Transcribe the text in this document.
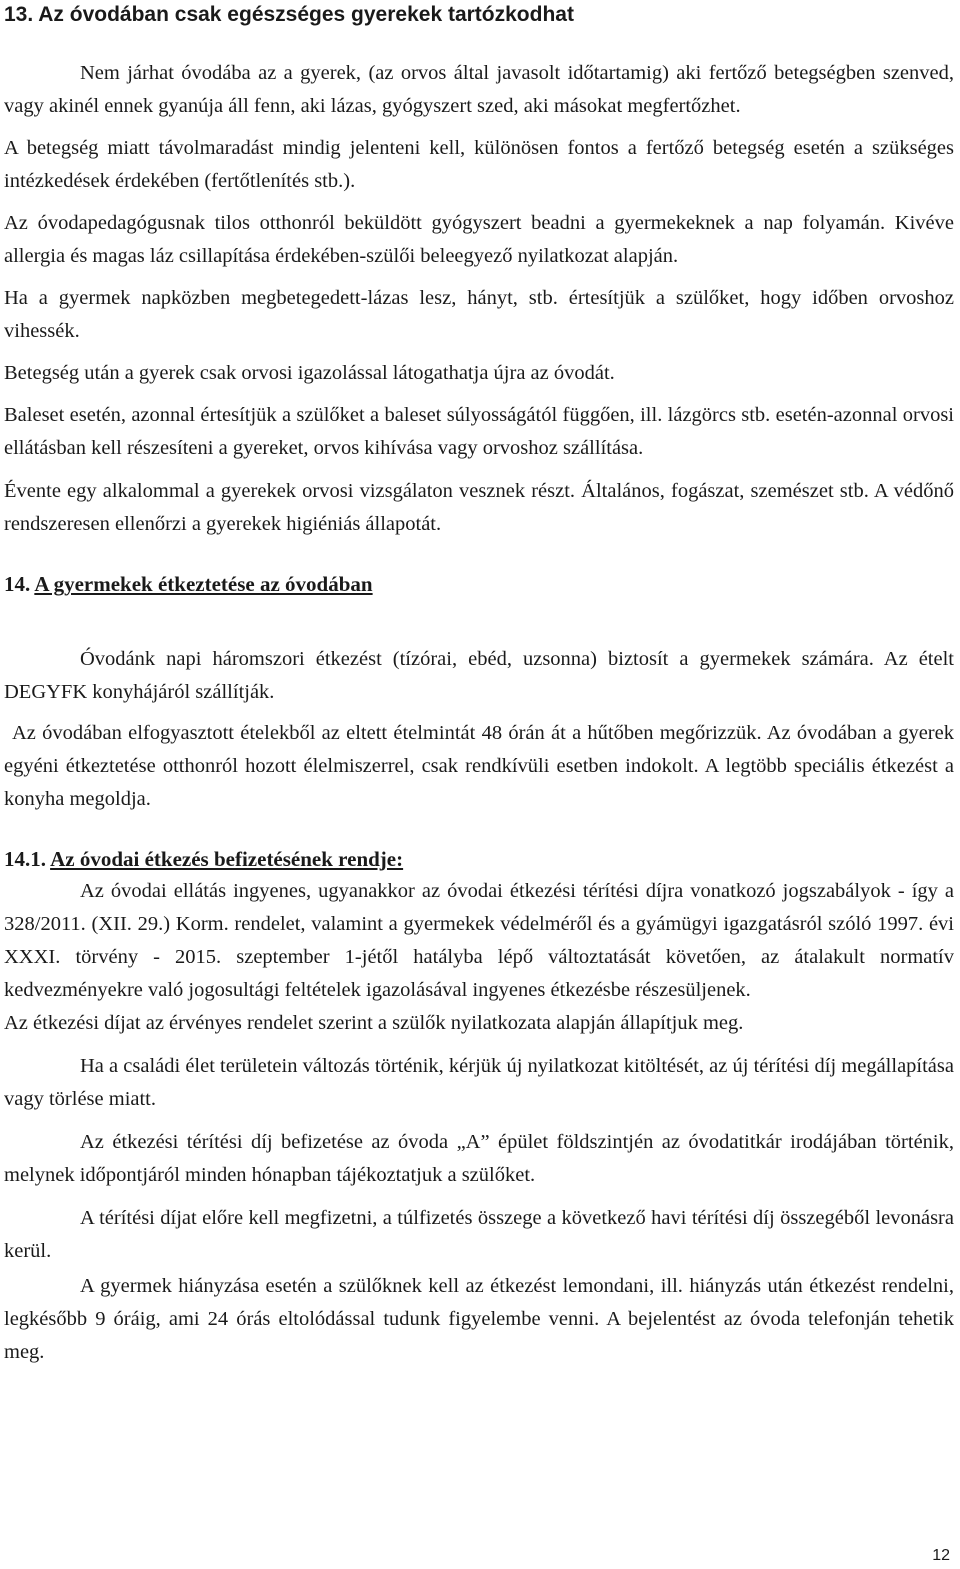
13. Az óvodában csak egészséges gyerekek tartózkodhat

Nem járhat óvodába az a gyerek, (az orvos által javasolt időtartamig) aki fertőző betegségben szenved, vagy akinél ennek gyanúja áll fenn, aki lázas, gyógyszert szed, aki másokat megfertőzhet.

A betegség miatt távolmaradást mindig jelenteni kell, különösen fontos a fertőző betegség esetén a szükséges intézkedések érdekében (fertőtlenítés stb.).

Az óvodapedagógusnak tilos otthonról beküldött gyógyszert beadni a gyermekeknek a nap folyamán. Kivéve allergia és magas láz csillapítása érdekében-szülői beleegyező nyilatkozat alapján.

Ha a gyermek napközben megbetegedett-lázas lesz, hányt, stb. értesítjük a szülőket, hogy időben orvoshoz vihessék.

Betegség után a gyerek csak orvosi igazolással látogathatja újra az óvodát.

Baleset esetén, azonnal értesítjük a szülőket a baleset súlyosságától függően, ill. lázgörcs stb. esetén-azonnal orvosi ellátásban kell részesíteni a gyereket, orvos kihívása vagy orvoshoz szállítása.

Évente egy alkalommal a gyerekek orvosi vizsgálaton vesznek részt. Általános, fogászat, szemészet stb. A védőnő rendszeresen ellenőrzi a gyerekek higiéniás állapotát.

14. A gyermekek étkeztetése az óvodában

Óvodánk napi háromszori étkezést (tízórai, ebéd, uzsonna) biztosít a gyermekek számára. Az ételt DEGYFK konyhájáról szállítják.

Az óvodában elfogyasztott ételekből az eltett ételmintát 48 órán át a hűtőben megőrizzük. Az óvodában a gyerek egyéni étkeztetése otthonról hozott élelmiszerrel, csak rendkívüli esetben indokolt. A legtöbb speciális étkezést a konyha megoldja.

14.1. Az óvodai étkezés befizetésének rendje:

Az óvodai ellátás ingyenes, ugyanakkor az óvodai étkezési térítési díjra vonatkozó jogszabályok - így a 328/2011. (XII. 29.) Korm. rendelet, valamint a gyermekek védelméről és a gyámügyi igazgatásról szóló 1997. évi XXXI. törvény - 2015. szeptember 1-jétől hatályba lépő változtatását követően, az átalakult normatív kedvezményekre való jogosultági feltételek igazolásával ingyenes étkezésbe részesüljenek.

Az étkezési díjat az érvényes rendelet szerint a szülők nyilatkozata alapján állapítjuk meg.

Ha a családi élet területein változás történik, kérjük új nyilatkozat kitöltését, az új térítési díj megállapítása vagy törlése miatt.

Az étkezési térítési díj befizetése az óvoda „A” épület földszintjén az óvodatitkár irodájában történik, melynek időpontjáról minden hónapban tájékoztatjuk a szülőket.

A térítési díjat előre kell megfizetni, a túlfizetés összege a következő havi térítési díj összegéből levonásra kerül.

A gyermek hiányzása esetén a szülőknek kell az étkezést lemondani, ill. hiányzás után étkezést rendelni, legkésőbb 9 óráig, ami 24 órás eltolódással tudunk figyelembe venni. A bejelentést az óvoda telefonján tehetik meg.

12
